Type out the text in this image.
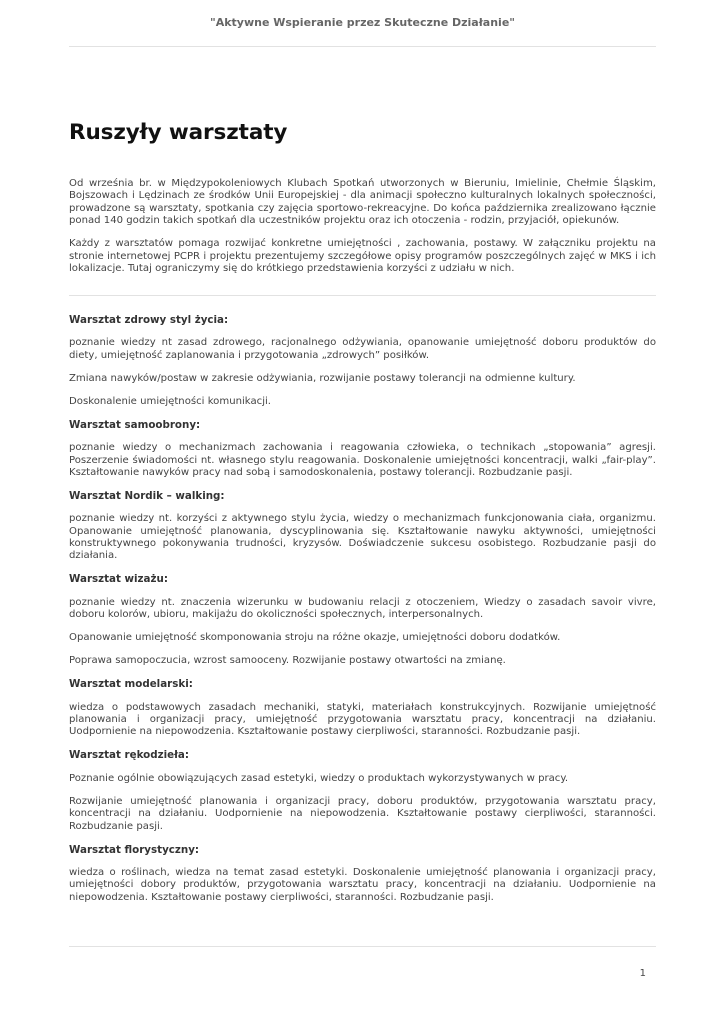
"Aktywne Wspieranie przez Skuteczne Działanie"
Ruszyły warsztaty

Od września br. w Międzypokoleniowych Klubach Spotkań utworzonych w Bieruniu, Imielinie, Chełmie Śląskim, Bojszowach i Lędzinach ze środków Unii Europejskiej - dla animacji społeczno kulturalnych lokalnych społeczności, prowadzone są warsztaty, spotkania czy zajęcia sportowo-rekreacyjne. Do końca października zrealizowano łącznie ponad 140 godzin takich spotkań dla uczestników projektu oraz ich otoczenia - rodzin, przyjaciół, opiekunów.

Każdy z warsztatów pomaga rozwijać konkretne umiejętności , zachowania, postawy. W załączniku projektu na stronie internetowej PCPR i projektu prezentujemy szczegółowe opisy programów poszczególnych zajęć w MKS i ich lokalizacje. Tutaj ograniczymy się do krótkiego przedstawienia korzyści z udziału w nich.

Warsztat zdrowy styl życia:

poznanie wiedzy nt zasad zdrowego, racjonalnego odżywiania, opanowanie umiejętność doboru produktów do diety, umiejętność zaplanowania i przygotowania „zdrowych” posiłków.

Zmiana nawyków/postaw w zakresie odżywiania, rozwijanie postawy tolerancji na odmienne kultury.

Doskonalenie umiejętności komunikacji.

Warsztat samoobrony:

poznanie wiedzy o mechanizmach zachowania i reagowania człowieka, o technikach „stopowania” agresji. Poszerzenie świadomości nt. własnego stylu reagowania. Doskonalenie umiejętności koncentracji, walki „fair-play”. Kształtowanie nawyków pracy nad sobą i samodoskonalenia, postawy tolerancji. Rozbudzanie pasji.

Warsztat Nordik – walking:

poznanie wiedzy nt. korzyści z aktywnego stylu życia, wiedzy o mechanizmach funkcjonowania ciała, organizmu. Opanowanie umiejętność planowania, dyscyplinowania się. Kształtowanie nawyku aktywności, umiejętności konstruktywnego pokonywania trudności, kryzysów. Doświadczenie sukcesu osobistego. Rozbudzanie pasji do działania.

Warsztat wizażu:

poznanie wiedzy nt. znaczenia wizerunku w budowaniu relacji z otoczeniem, Wiedzy o zasadach savoir vivre, doboru kolorów, ubioru, makijażu do okoliczności społecznych, interpersonalnych.

Opanowanie umiejętność skomponowania stroju na różne okazje, umiejętności doboru dodatków.

Poprawa samopoczucia, wzrost samooceny. Rozwijanie postawy otwartości na zmianę.

Warsztat modelarski:

wiedza o podstawowych zasadach mechaniki, statyki, materiałach konstrukcyjnych. Rozwijanie umiejętność planowania i organizacji pracy, umiejętność przygotowania warsztatu pracy, koncentracji na działaniu. Uodpornienie na niepowodzenia. Kształtowanie postawy cierpliwości, staranności. Rozbudzanie pasji.

Warsztat rękodzieła:

Poznanie ogólnie obowiązujących zasad estetyki, wiedzy o produktach wykorzystywanych w pracy.

Rozwijanie umiejętność planowania i organizacji pracy, doboru produktów, przygotowania warsztatu pracy, koncentracji na działaniu. Uodpornienie na niepowodzenia. Kształtowanie postawy cierpliwości, staranności. Rozbudzanie pasji.

Warsztat florystyczny:

wiedza o roślinach, wiedza na temat zasad estetyki. Doskonalenie umiejętność planowania i organizacji pracy, umiejętności dobory produktów, przygotowania warsztatu pracy, koncentracji na działaniu. Uodpornienie na niepowodzenia. Kształtowanie postawy cierpliwości, staranności. Rozbudzanie pasji.

1
